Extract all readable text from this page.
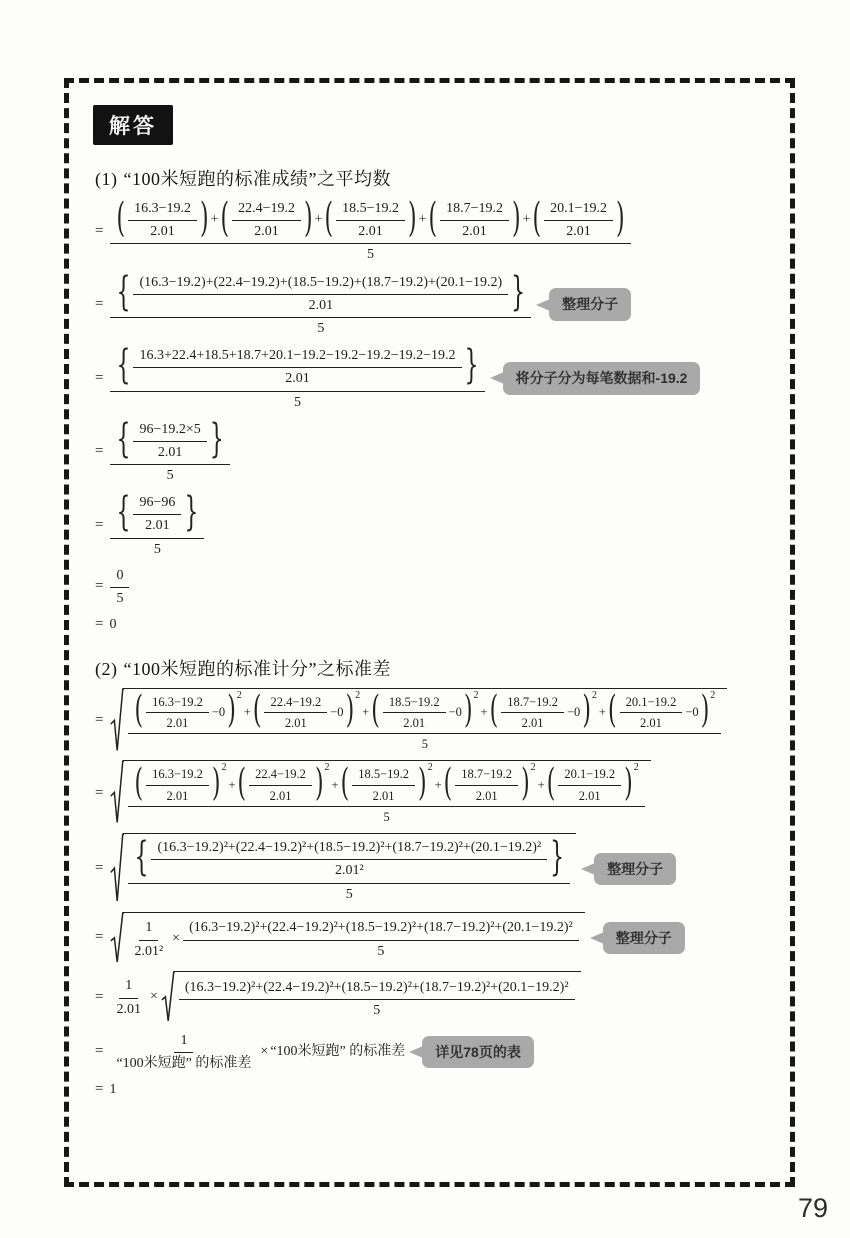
解答
(1) “100米短跑的标准成绩”之平均数
= ( $\frac{16.3-19.2}{2.01}$ ) + ( $\frac{22.4-19.2}{2.01}$ ) + ( $\frac{18.5-19.2}{2.01}$ ) + ( $\frac{18.7-19.2}{2.01}$ ) + ( $\frac{20.1-19.2}{2.01}$ )
5
= { $\frac{(16.3-19.2)+(22.4-19.2)+(18.5-19.2)+(18.7-19.2)+(20.1-19.2)}{2.01}$ }
5
整理分子
= $\frac{\{ \frac{16.3+22.4+18.5+18.7+20.1-19.2-19.2-19.2-19.2-19.2}{2.01} \}}{5}$	将分子分为每笔数据和-19.2
= $\frac{\{ \frac{96-19.2\times 5}{2.01} \}}{5}$
= $\frac{\{ \frac{96-96}{2.01} \}}{5}$
= $\frac{0}{5}$
= 0
(2) “100米短跑的标准计分”之标准差
= ( $\frac{16.3-19.2}{2.01} -0$ )$^2$
+ ( $\frac{22.4-19.2}{2.01} -0$ )$^2$
+ ( $\frac{18.5-19.2}{2.01} -0$ )$^2$
+ ( $\frac{18.7-19.2}{2.01} -0$ )$^2$
+ ( $\frac{20.1-19.2}{2.01} -0$ )$^2$
5
= ( $\frac{16.3-19.2}{2.01} )^2$
+ ( $\frac{22.4-19.2}{2.01} )^2$
+ ( $\frac{18.5-19.2}{2.01} )^2$
+ ( $\frac{18.7-19.2}{2.01} )^2$
+ ( $\frac{20.1-19.2}{2.01} )^2$
5
= { (16.3−19.2)²+(22.4−19.2)²+(18.5−19.2)²+(18.7−19.2)²+(20.1−19.2)²
2.01²	}
5
整理分子
= $\frac{1}{\text{2.01²}}$ ×
(16.3−19.2)²+(22.4−19.2)²+(18.5−19.2)²+(18.7−19.2)²+(20.1−19.2)²
5
整理分子
= $\frac{1}{2.01}$ ×
(16.3−19.2)²+(22.4−19.2)²+(18.5−19.2)²+(18.7−19.2)²+(20.1−19.2)²
5
= $\frac{1}{\text{“100米短跑” 的标准差}}$ × “100米短跑” 的标准差	详见78页的表
= 1
79
